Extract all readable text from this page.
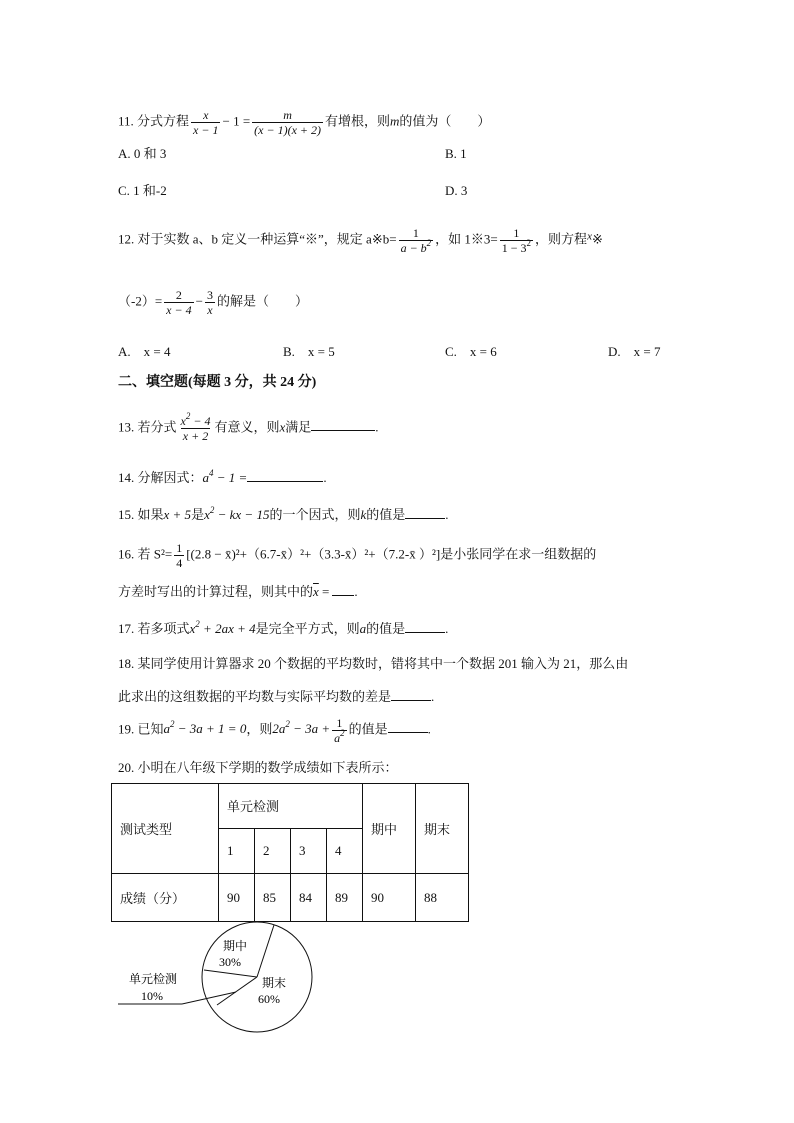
11. 分式方程 $\frac{x}{x - 1} - 1 = \frac{m}{(x - 1)(x + 2)}$ 有增根，则m的值为（　　）
A. 0 和 3	B. 1
C. 1 和-2	D. 3
12. 对于实数 a、b 定义一种运算“※”，规定 a※b= $\frac{1}{a - b^2}$ ，如 1※3= $\frac{1}{1 - 3^2}$ ，则方程$^x$※
$(-2)= \frac{2}{x - 4} - \frac{3}{x}$ 的解是（　　）
A.　x = 4	B.　x = 5	C.　x = 6	D.　x = 7
二、填空题(每题 3 分，共 24 分)
13. 若分式 $\frac{x^2 - 4}{x + 2}$ 有意义，则x满足	.
14. 分解因式：$a^4 - 1$ =	.
15. 如果x + 5是$x^2$ − kx − 15的一个因式，则k的值是	.
16. 若 $S^2= \frac{1}{4} [(2.8$ − x̄)²+（6.7-x̄）²+（3.3-x̄）²+（7.2-x̄ ）²]是小张同学在求一组数据的
方差时写出的计算过程，则其中的$\overline{x}$ = .
17. 若多项式$x^2 + 2ax + 4$是完全平方式，则a的值是	.
18. 某同学使用计算器求 20 个数据的平均数时，错将其中一个数据 201 输入为 21，那么由
此求出的这组数据的平均数与实际平均数的差是	.
19. 已知$a^2 - 3a + 1 = 0$，则$2a^2 - 3a + \frac{1}{a^2}$ 的值是	.
20. 小明在八年级下学期的数学成绩如下表所示：
测试类型	单元检测				期中	期末
	1	2	3	4		
成绩（分）	90	85	84	89	90	88
期中
30%
期末
60%
单元检测
10%
